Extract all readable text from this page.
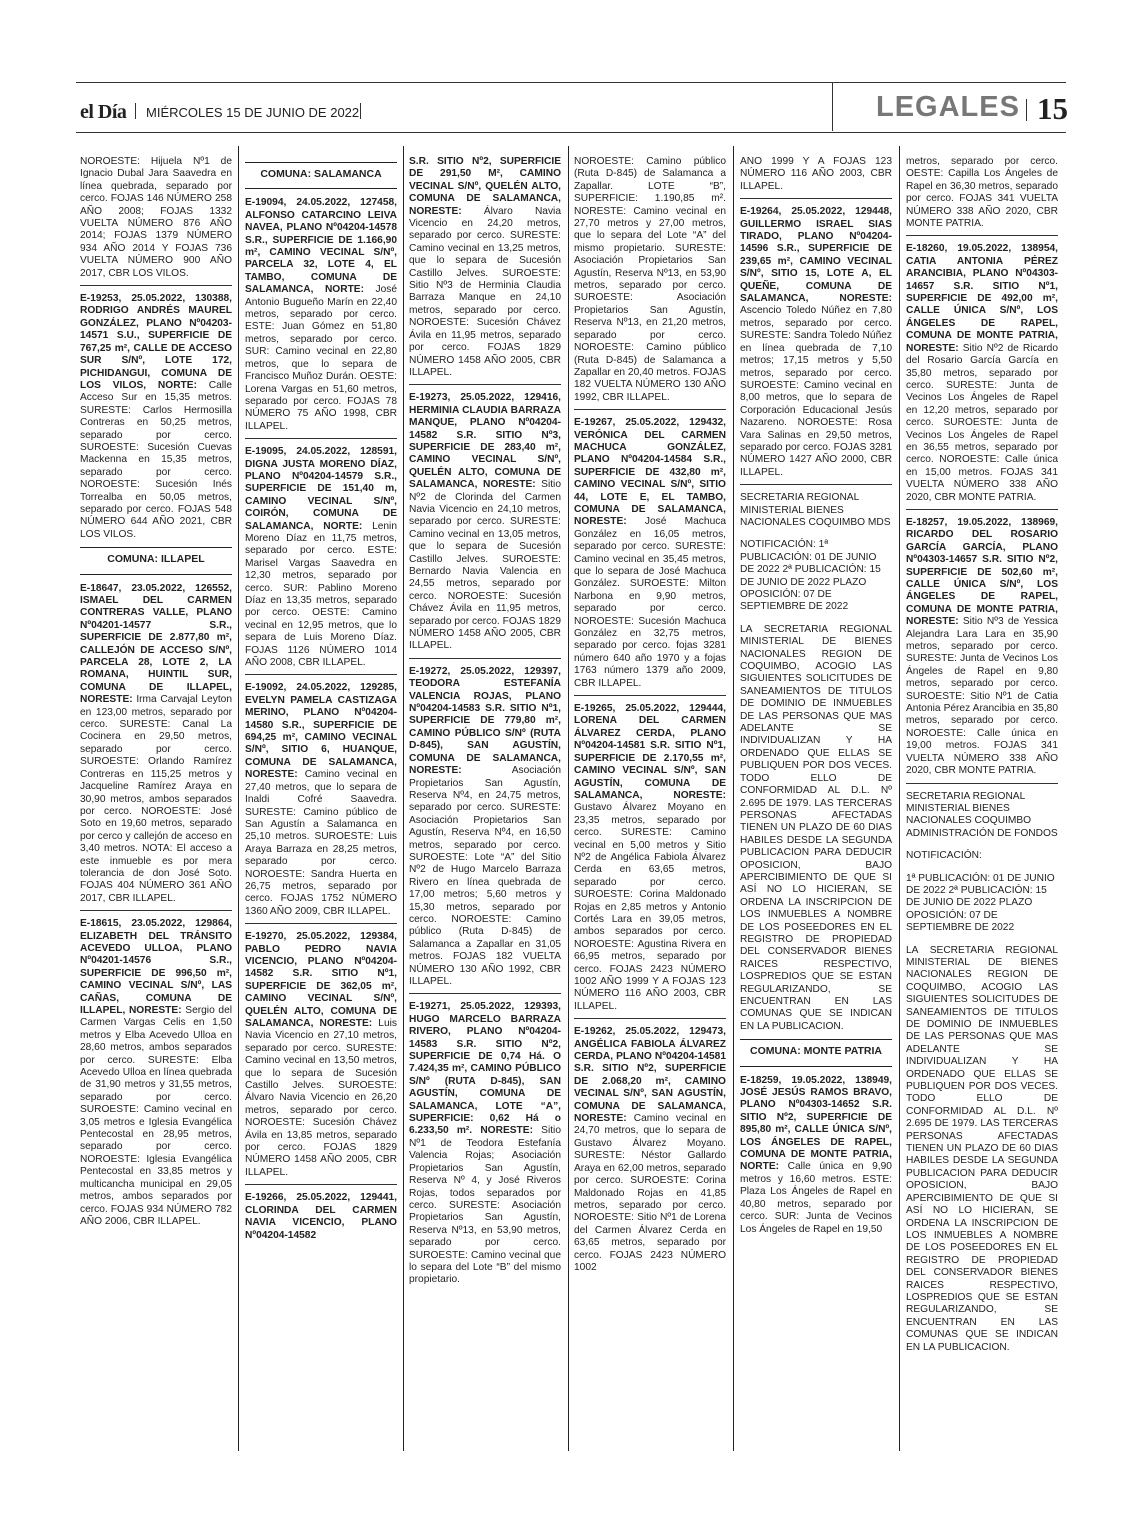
el Día MIÉRCOLES 15 DE JUNIO DE 2022	LEGALES 15
NOROESTE: Hijuela Nº1 de Ignacio Dubal Jara Saavedra en línea quebrada, separado por cerco. FOJAS 146 NÚMERO 258 AÑO 2008; FOJAS 1332 VUELTA NÚMERO 876 AÑO 2014; FOJAS 1379 NÚMERO 934 AÑO 2014 Y FOJAS 736 VUELTA NÚMERO 900 AÑO 2017, CBR LOS VILOS.
E-19253, 25.05.2022, 130388, RODRIGO ANDRÉS MAUREL GONZÁLEZ, PLANO Nº04203-14571 S.U., SUPERFICIE DE 767,25 m², CALLE DE ACCESO SUR S/Nº, LOTE 172, PICHIDANGUI, COMUNA DE LOS VILOS, NORTE: Calle Acceso Sur en 15,35 metros. SURESTE: Carlos Hermosilla Contreras en 50,25 metros, separado por cerco. SUROESTE: Sucesión Cuevas Mackenna en 15,35 metros, separado por cerco. NOROESTE: Sucesión Inés Torrealba en 50,05 metros, separado por cerco. FOJAS 548 NÚMERO 644 AÑO 2021, CBR LOS VILOS.
COMUNA: ILLAPEL
E-18647, 23.05.2022, 126552, ISMAEL DEL CARMEN CONTRERAS VALLE, PLANO Nº04201-14577 S.R., SUPERFICIE DE 2.877,80 m², CALLEJÓN DE ACCESO S/Nº, PARCELA 28, LOTE 2, LA ROMANA, HUINTIL SUR, COMUNA DE ILLAPEL, NORESTE: Irma Carvajal Leyton en 123,00 metros, separado por cerco. SURESTE: Canal La Cocinera en 29,50 metros, separado por cerco. SUROESTE: Orlando Ramírez Contreras en 115,25 metros y Jacqueline Ramírez Araya en 30,90 metros, ambos separados por cerco. NOROESTE: José Soto en 19,60 metros, separado por cerco y callejón de acceso en 3,40 metros. NOTA: El acceso a este inmueble es por mera tolerancia de don José Soto. FOJAS 404 NÚMERO 361 AÑO 2017, CBR ILLAPEL.
E-18615, 23.05.2022, 129864, ELIZABETH DEL TRÁNSITO ACEVEDO ULLOA, PLANO Nº04201-14576 S.R., SUPERFICIE DE 996,50 m², CAMINO VECINAL S/Nº, LAS CAÑAS, COMUNA DE ILLAPEL, NORESTE: Sergio del Carmen Vargas Celis en 1,50 metros y Elba Acevedo Ulloa en 28,60 metros, ambos separados por cerco. SURESTE: Elba Acevedo Ulloa en línea quebrada de 31,90 metros y 31,55 metros, separado por cerco. SUROESTE: Camino vecinal en 3,05 metros e Iglesia Evangélica Pentecostal en 28,95 metros, separado por cerco. NOROESTE: Iglesia Evangélica Pentecostal en 33,85 metros y multicancha municipal en 29,05 metros, ambos separados por cerco. FOJAS 934 NÚMERO 782 AÑO 2006, CBR ILLAPEL.
COMUNA: SALAMANCA
E-19094, 24.05.2022, 127458, ALFONSO CATARCINO LEIVA NAVEA, PLANO Nº04204-14578 S.R., SUPERFICIE DE 1.166,90 m², CAMINO VECINAL S/Nº, PARCELA 32, LOTE 4, EL TAMBO, COMUNA DE SALAMANCA, NORTE: José Antonio Bugueño Marín en 22,40 metros, separado por cerco. ESTE: Juan Gómez en 51,80 metros, separado por cerco. SUR: Camino vecinal en 22,80 metros, que lo separa de Francisco Muñoz Durán. OESTE: Lorena Vargas en 51,60 metros, separado por cerco. FOJAS 78 NÚMERO 75 AÑO 1998, CBR ILLAPEL.
E-19095, 24.05.2022, 128591, DIGNA JUSTA MORENO DÍAZ, PLANO Nº04204-14579 S.R., SUPERFICIE DE 151,40 m, CAMINO VECINAL S/Nº, COIRÓN, COMUNA DE SALAMANCA, NORTE: Lenin Moreno Díaz en 11,75 metros, separado por cerco. ESTE: Marisel Vargas Saavedra en 12,30 metros, separado por cerco. SUR: Pablino Moreno Díaz en 13,35 metros, separado por cerco. OESTE: Camino vecinal en 12,95 metros, que lo separa de Luis Moreno Díaz. FOJAS 1126 NÚMERO 1014 AÑO 2008, CBR ILLAPEL.
E-19092, 24.05.2022, 129285, EVELYN PAMELA CASTIZAGA MERINO, PLANO Nº04204-14580 S.R., SUPERFICIE DE 694,25 m², CAMINO VECINAL S/Nº, SITIO 6, HUANQUE, COMUNA DE SALAMANCA, NORESTE: Camino vecinal en 27,40 metros, que lo separa de Inaldi Cofré Saavedra. SURESTE: Camino público de San Agustín a Salamanca en 25,10 metros. SUROESTE: Luis Araya Barraza en 28,25 metros, separado por cerco. NOROESTE: Sandra Huerta en 26,75 metros, separado por cerco. FOJAS 1752 NÚMERO 1360 AÑO 2009, CBR ILLAPEL.
E-19270, 25.05.2022, 129384, PABLO PEDRO NAVIA VICENCIO, PLANO Nº04204-14582 S.R. SITIO Nº1, SUPERFICIE DE 362,05 m², CAMINO VECINAL S/Nº, QUELÉN ALTO, COMUNA DE SALAMANCA, NORESTE: Luis Navia Vicencio en 27,10 metros, separado por cerco. SURESTE: Camino vecinal en 13,50 metros, que lo separa de Sucesión Castillo Jelves. SUROESTE: Álvaro Navia Vicencio en 26,20 metros, separado por cerco. NOROESTE: Sucesión Chávez Ávila en 13,85 metros, separado por cerco. FOJAS 1829 NÚMERO 1458 AÑO 2005, CBR ILLAPEL.
E-19266, 25.05.2022, 129441, CLORINDA DEL CARMEN NAVIA VICENCIO, PLANO Nº04204-14582
S.R. SITIO Nº2, SUPERFICIE DE 291,50 M², CAMINO VECINAL S/Nº, QUELÉN ALTO, COMUNA DE SALAMANCA, NORESTE: Álvaro Navia Vicencio en 24,20 metros, separado por cerco. SURESTE: Camino vecinal en 13,25 metros, que lo separa de Sucesión Castillo Jelves. SUROESTE: Sitio Nº3 de Herminia Claudia Barraza Manque en 24,10 metros, separado por cerco. NOROESTE: Sucesión Chávez Ávila en 11,95 metros, separado por cerco. FOJAS 1829 NÚMERO 1458 AÑO 2005, CBR ILLAPEL.
E-19273, 25.05.2022, 129416, HERMINIA CLAUDIA BARRAZA MANQUE, PLANO Nº04204-14582 S.R. SITIO Nº3, SUPERFICIE DE 283,40 m², CAMINO VECINAL S/Nº, QUELÉN ALTO, COMUNA DE SALAMANCA, NORESTE: Sitio Nº2 de Clorinda del Carmen Navia Vicencio en 24,10 metros, separado por cerco. SURESTE: Camino vecinal en 13,05 metros, que lo separa de Sucesión Castillo Jelves. SUROESTE: Bernardo Navia Valencia en 24,55 metros, separado por cerco. NOROESTE: Sucesión Chávez Ávila en 11,95 metros, separado por cerco. FOJAS 1829 NÚMERO 1458 AÑO 2005, CBR ILLAPEL.
E-19272, 25.05.2022, 129397, TEODORA ESTEFANÍA VALENCIA ROJAS, PLANO Nº04204-14583 S.R. SITIO Nº1, SUPERFICIE DE 779,80 m², CAMINO PÚBLICO S/Nº (RUTA D-845), SAN AGUSTÍN, COMUNA DE SALAMANCA, NORESTE:	Asociación Propietarios San Agustín, Reserva Nº4, en 24,75 metros, separado por cerco. SURESTE: Asociación Propietarios San Agustín, Reserva Nº4, en 16,50 metros, separado por cerco. SUROESTE: Lote “A” del Sitio Nº2 de Hugo Marcelo Barraza Rivero en línea quebrada de 17,00 metros; 5,60 metros y 15,30 metros, separado por cerco. NOROESTE: Camino público (Ruta D-845) de Salamanca a Zapallar en 31,05 metros. FOJAS 182 VUELTA NÚMERO 130 AÑO 1992, CBR ILLAPEL.
E-19271, 25.05.2022, 129393, HUGO MARCELO BARRAZA RIVERO, PLANO Nº04204-14583 S.R. SITIO Nº2, SUPERFICIE DE 0,74 Há. O 7.424,35 m², CAMINO PÚBLICO S/Nº (RUTA D-845), SAN AGUSTÍN, COMUNA DE SALAMANCA, LOTE “A”, SUPERFICIE: 0,62 Há o 6.233,50 m². NORESTE: Sitio Nº1 de Teodora Estefanía Valencia Rojas; Asociación Propietarios San Agustín, Reserva Nº 4, y José Riveros Rojas, todos separados por cerco. SURESTE: Asociación Propietarios San Agustín, Reserva Nº13, en 53,90 metros, separado por cerco. SUROESTE: Camino vecinal que lo separa del Lote “B” del mismo propietario.
NOROESTE: Camino público (Ruta D-845) de Salamanca a Zapallar. LOTE “B”, SUPERFICIE: 1.190,85 m². NORESTE: Camino vecinal en 27,70 metros y 27,00 metros, que lo separa del Lote “A” del mismo propietario. SURESTE: Asociación Propietarios San Agustín, Reserva Nº13, en 53,90 metros, separado por cerco. SUROESTE: Asociación Propietarios San Agustín, Reserva Nº13, en 21,20 metros, separado por cerco. NOROESTE: Camino público (Ruta D-845) de Salamanca a Zapallar en 20,40 metros. FOJAS 182 VUELTA NÚMERO 130 AÑO 1992, CBR ILLAPEL.
E-19267, 25.05.2022, 129432, VERÓNICA DEL CARMEN MACHUCA GONZÁLEZ, PLANO Nº04204-14584 S.R., SUPERFICIE DE 432,80 m², CAMINO VECINAL S/Nº, SITIO 44, LOTE E, EL TAMBO, COMUNA DE SALAMANCA, NORESTE: José Machuca González en 16,05 metros, separado por cerco. SURESTE: Camino vecinal en 35,45 metros, que lo separa de José Machuca González. SUROESTE: Milton Narbona en 9,90 metros, separado por cerco. NOROESTE: Sucesión Machuca González en 32,75 metros, separado por cerco. fojas 3281 número 640 año 1970 y a fojas 1763 número 1379 año 2009, CBR ILLAPEL.
E-19265, 25.05.2022, 129444, LORENA DEL CARMEN ÁLVAREZ CERDA, PLANO Nº04204-14581 S.R. SITIO Nº1, SUPERFICIE DE 2.170,55 m², CAMINO VECINAL S/Nº, SAN AGUSTÍN, COMUNA DE SALAMANCA, NORESTE: Gustavo Álvarez Moyano en 23,35 metros, separado por cerco. SURESTE: Camino vecinal en 5,00 metros y Sitio Nº2 de Angélica Fabiola Álvarez Cerda en 63,65 metros, separado por cerco. SUROESTE: Corina Maldonado Rojas en 2,85 metros y Antonio Cortés Lara en 39,05 metros, ambos separados por cerco. NOROESTE: Agustina Rivera en 66,95 metros, separado por cerco. FOJAS 2423 NÚMERO 1002 AÑO 1999 Y A FOJAS 123 NÚMERO 116 AÑO 2003, CBR ILLAPEL.
E-19262, 25.05.2022, 129473, ANGÉLICA FABIOLA ÁLVAREZ CERDA, PLANO Nº04204-14581 S.R. SITIO Nº2, SUPERFICIE DE 2.068,20 m², CAMINO VECINAL S/Nº, SAN AGUSTÍN, COMUNA DE SALAMANCA, NORESTE: Camino vecinal en 24,70 metros, que lo separa de Gustavo Álvarez Moyano. SURESTE: Néstor Gallardo Araya en 62,00 metros, separado por cerco. SUROESTE: Corina Maldonado Rojas en 41,85 metros, separado por cerco. NOROESTE: Sitio Nº1 de Lorena del Carmen Álvarez Cerda en 63,65 metros, separado por cerco. FOJAS 2423 NÚMERO 1002
AÑO 1999 Y A FOJAS 123 NÚMERO 116 AÑO 2003, CBR ILLAPEL.
E-19264, 25.05.2022, 129448, GUILLERMO ISRAEL SIAS TIRADO, PLANO Nº04204-14596 S.R., SUPERFICIE DE 239,65 m², CAMINO VECINAL S/Nº, SITIO 15, LOTE A, EL QUEÑE, COMUNA DE SALAMANCA, NORESTE: Ascencio Toledo Núñez en 7,80 metros, separado por cerco. SURESTE: Sandra Toledo Núñez en línea quebrada de 7,10 metros; 17,15 metros y 5,50 metros, separado por cerco. SUROESTE: Camino vecinal en 8,00 metros, que lo separa de Corporación Educacional Jesús Nazareno. NOROESTE: Rosa Vara Salinas en 29,50 metros, separado por cerco. FOJAS 3281 NÚMERO 1427 AÑO 2000, CBR ILLAPEL.
SECRETARIA REGIONAL MINISTERIAL BIENES NACIONALES COQUIMBO MDS
NOTIFICACIÓN: 1ª PUBLICACIÓN: 01 DE JUNIO DE 2022 2ª PUBLICACIÓN: 15 DE JUNIO DE 2022 PLAZO OPOSICIÓN: 07 DE SEPTIEMBRE DE 2022
LA SECRETARIA REGIONAL MINISTERIAL DE BIENES NACIONALES REGION DE COQUIMBO, ACOGIO LAS SIGUIENTES SOLICITUDES DE SANEAMIENTOS DE TITULOS DE DOMINIO DE INMUEBLES DE LAS PERSONAS QUE MAS ADELANTE SE INDIVIDUALIZAN Y HA ORDENADO QUE ELLAS SE PUBLIQUEN POR DOS VECES. TODO ELLO DE CONFORMIDAD AL D.L. Nº 2.695 DE 1979. LAS TERCERAS PERSONAS AFECTADAS TIENEN UN PLAZO DE 60 DIAS HABILES DESDE LA SEGUNDA PUBLICACION PARA DEDUCIR OPOSICION, BAJO APERCIBIMIENTO DE QUE SI ASÍ NO LO HICIERAN, SE ORDENA LA INSCRIPCION DE LOS INMUEBLES A NOMBRE DE LOS POSEEDORES EN EL REGISTRO DE PROPIEDAD DEL CONSERVADOR BIENES RAICES RESPECTIVO, LOSPREDIOS QUE SE ESTAN REGULARIZANDO, SE ENCUENTRAN EN LAS COMUNAS QUE SE INDICAN EN LA PUBLICACION.
COMUNA: MONTE PATRIA
E-18259, 19.05.2022, 138949, JOSÉ JESÚS RAMOS BRAVO, PLANO Nº04303-14652 S.R. SITIO Nº2, SUPERFICIE DE 895,80 m², CALLE ÚNICA S/Nº, LOS ÁNGELES DE RAPEL, COMUNA DE MONTE PATRIA, NORTE: Calle única en 9,90 metros y 16,60 metros. ESTE: Plaza Los Ángeles de Rapel en 40,80 metros, separado por cerco. SUR: Junta de Vecinos Los Ángeles de Rapel en 19,50
metros, separado por cerco. OESTE: Capilla Los Ángeles de Rapel en 36,30 metros, separado por cerco. FOJAS 341 VUELTA NÚMERO 338 AÑO 2020, CBR MONTE PATRIA.
E-18260, 19.05.2022, 138954, CATIA ANTONIA PÉREZ ARANCIBIA, PLANO Nº04303-14657 S.R. SITIO Nº1, SUPERFICIE DE 492,00 m², CALLE ÚNICA S/Nº, LOS ÁNGELES DE RAPEL, COMUNA DE MONTE PATRIA, NORESTE: Sitio Nº2 de Ricardo del Rosario García García en 35,80 metros, separado por cerco. SURESTE: Junta de Vecinos Los Ángeles de Rapel en 12,20 metros, separado por cerco. SUROESTE: Junta de Vecinos Los Ángeles de Rapel en 36,55 metros, separado por cerco. NOROESTE: Calle única en 15,00 metros. FOJAS 341 VUELTA NÚMERO 338 AÑO 2020, CBR MONTE PATRIA.
E-18257, 19.05.2022, 138969, RICARDO DEL ROSARIO GARCÍA GARCÍA, PLANO Nº04303-14657 S.R. SITIO Nº2, SUPERFICIE DE 502,60 m², CALLE ÚNICA S/Nº, LOS ÁNGELES DE RAPEL, COMUNA DE MONTE PATRIA, NORESTE: Sitio Nº3 de Yessica Alejandra Lara Lara en 35,90 metros, separado por cerco. SURESTE: Junta de Vecinos Los Ángeles de Rapel en 9,80 metros, separado por cerco. SUROESTE: Sitio Nº1 de Catia Antonia Pérez Arancibia en 35,80 metros, separado por cerco. NOROESTE: Calle única en 19,00 metros. FOJAS 341 VUELTA NÚMERO 338 AÑO 2020, CBR MONTE PATRIA.
SECRETARIA REGIONAL MINISTERIAL BIENES NACIONALES COQUIMBO ADMINISTRACIÓN DE FONDOS
NOTIFICACIÓN:
1ª PUBLICACIÓN: 01 DE JUNIO DE 2022 2ª PUBLICACIÓN: 15 DE JUNIO DE 2022 PLAZO OPOSICIÓN: 07 DE SEPTIEMBRE DE 2022
LA SECRETARIA REGIONAL MINISTERIAL DE BIENES NACIONALES REGION DE COQUIMBO, ACOGIO LAS SIGUIENTES SOLICITUDES DE SANEAMIENTOS DE TITULOS DE DOMINIO DE INMUEBLES DE LAS PERSONAS QUE MAS ADELANTE SE INDIVIDUALIZAN Y HA ORDENADO QUE ELLAS SE PUBLIQUEN POR DOS VECES. TODO ELLO DE CONFORMIDAD AL D.L. Nº 2.695 DE 1979. LAS TERCERAS PERSONAS AFECTADAS TIENEN UN PLAZO DE 60 DIAS HABILES DESDE LA SEGUNDA PUBLICACION PARA DEDUCIR OPOSICION, BAJO APERCIBIMIENTO DE QUE SI ASÍ NO LO HICIERAN, SE ORDENA LA INSCRIPCION DE LOS INMUEBLES A NOMBRE DE LOS POSEEDORES EN EL REGISTRO DE PROPIEDAD DEL CONSERVADOR BIENES RAICES RESPECTIVO, LOSPREDIOS QUE SE ESTAN REGULARIZANDO, SE ENCUENTRAN EN LAS COMUNAS QUE SE INDICAN EN LA PUBLICACION.
